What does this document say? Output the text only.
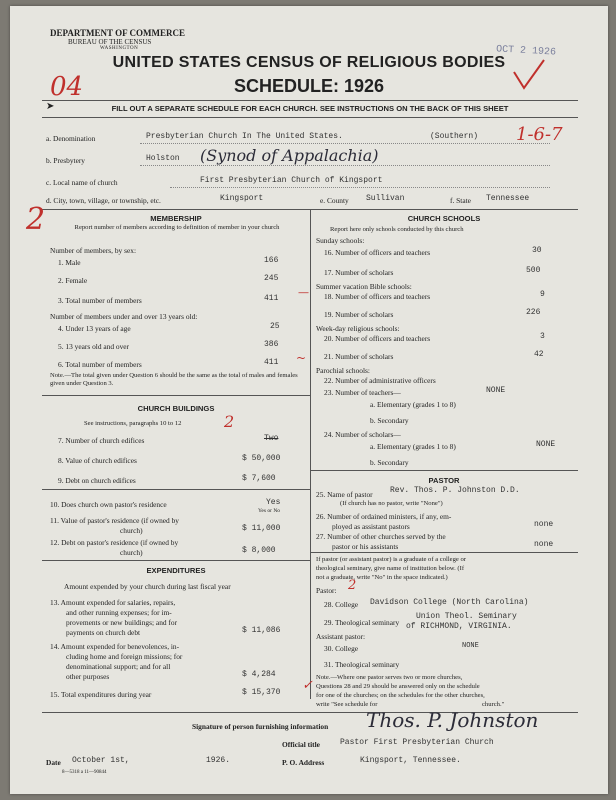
DEPARTMENT OF COMMERCE
BUREAU OF THE CENSUS
WASHINGTON	OCT 2 1926
04
UNITED STATES CENSUS OF RELIGIOUS BODIES
SCHEDULE: 1926
➤	FILL OUT A SEPARATE SCHEDULE FOR EACH CHURCH. SEE INSTRUCTIONS ON THE BACK OF THIS SHEET
a. Denomination	Presbyterian Church In The United States.	(Southern) 1-6-7
b. Presbytery	Holston (Synod of Appalachia)
c. Local name of church	First Presbyterian Church of Kingsport
d. City, town, village, or township, etc.	Kingsport	e. County Sullivan	f. State Tennessee
2	MEMBERSHIP
Report number of members according to definition of member in your church
Number of members, by sex:
1. Male	166
2. Female	245
3. Total number of members	411 —
Number of members under and over 13 years old:
4. Under 13 years of age	25
5. 13 years old and over	386
6. Total number of members	411 ~
Note.—The total given under Question 6 should be the same as the total of males and females given under Question 3.
CHURCH BUILDINGS
See instructions, paragraphs 10 to 12	2
7. Number of church edifices	Two
8. Value of church edifices	$ 50,000
9. Debt on church edifices	$ 7,600
10. Does church own pastor's residence	Yes
Yes or No
11. Value of pastor's residence (if owned by
church)	$ 11,000
12. Debt on pastor's residence (if owned by
church)	$ 8,000
EXPENDITURES
Amount expended by your church during last fiscal year
13. Amount expended for salaries, repairs,
and other running expenses; for im-
provements or new buildings; and for
payments on church debt	$ 11,086
14. Amount expended for benevolences, in-
cluding home and foreign missions; for
denominational support; and for all
other purposes	$ 4,284
15. Total expenditures during year	$ 15,370 ✓
CHURCH SCHOOLS
Report here only schools conducted by this church
Sunday schools:
16. Number of officers and teachers	30
17. Number of scholars	500
Summer vacation Bible schools:
18. Number of officers and teachers	9
19. Number of scholars	226
Week-day religious schools:
20. Number of officers and teachers	3
21. Number of scholars	42
Parochial schools:
22. Number of administrative officers
23. Number of teachers—	NONE
a. Elementary (grades 1 to 8)
b. Secondary
24. Number of scholars—
a. Elementary (grades 1 to 8)	NONE
b. Secondary
PASTOR
25. Name of pastor Rev. Thos. P. Johnston D.D.
(If church has no pastor, write "None")
26. Number of ordained ministers, if any, em-
ployed as assistant pastors	none
27. Number of other churches served by the
pastor or his assistants	none
If pastor (or assistant pastor) is a graduate of a college or
theological seminary, give name of institution below. (If
not a graduate, write "No" in the space indicated.)
Pastor: 2
28. College Davidson College (North Carolina)
29. Theological seminary
Union Theol. Seminary
of RICHMOND, VIRGINIA.
Assistant pastor:
30. College	NONE
31. Theological seminary
Note.—Where one pastor serves two or more churches,
Questions 28 and 29 should be answered only on the schedule
for one of the churches; on the schedules for the other churches,
write "See schedule for	church."
Signature of person furnishing information Thos. P. Johnston
Official title	Pastor First Presbyterian Church
Date October 1st,	1926.	P. O. Address	Kingsport, Tennessee.
8—5318 a 11—90844
